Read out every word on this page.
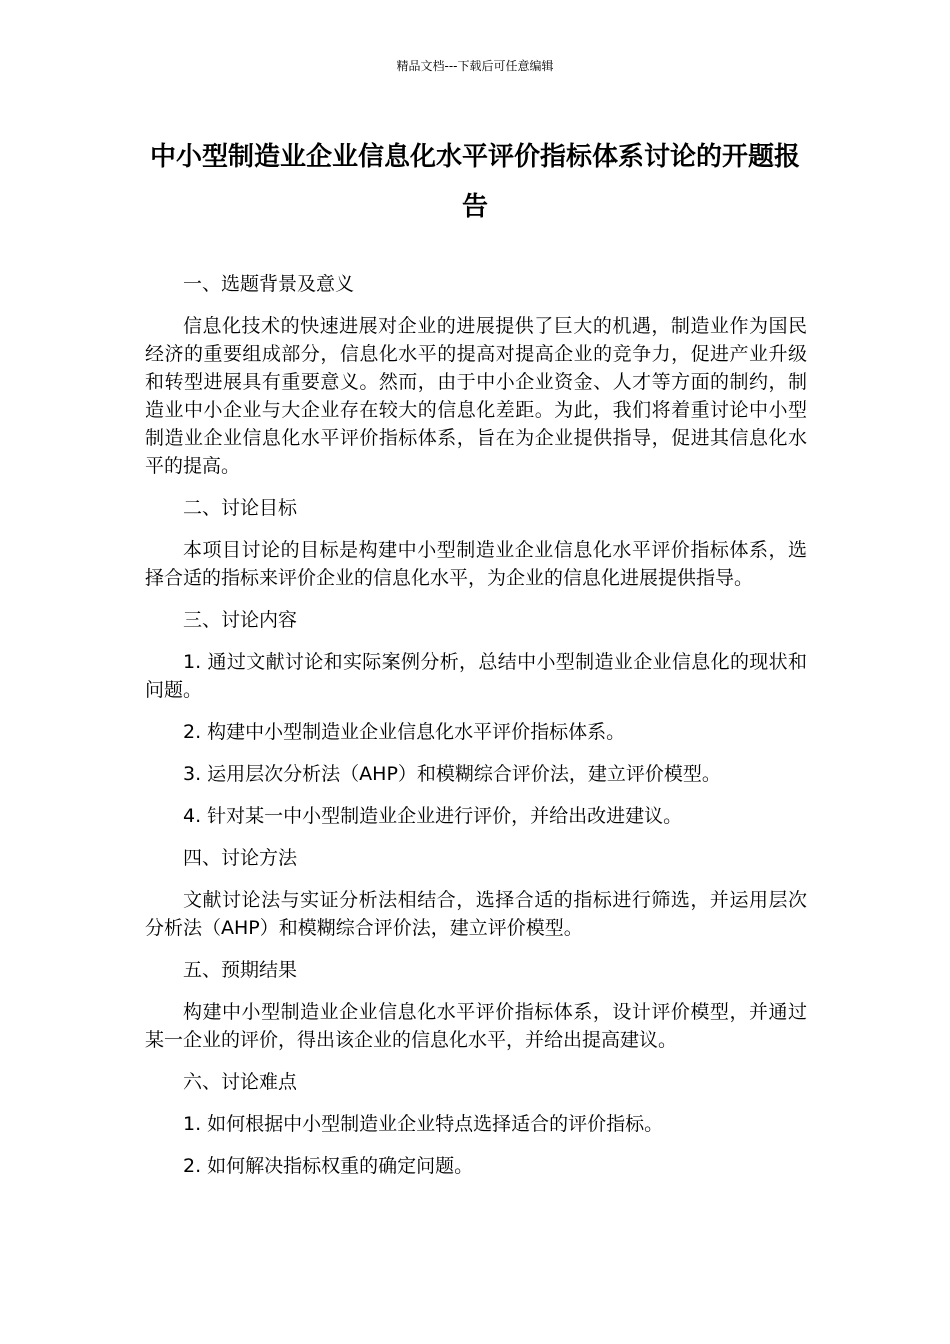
精品文档---下载后可任意编辑
中小型制造业企业信息化水平评价指标体系讨论的开题报告

一、选题背景及意义

信息化技术的快速进展对企业的进展提供了巨大的机遇，制造业作为国民经济的重要组成部分，信息化水平的提高对提高企业的竞争力，促进产业升级和转型进展具有重要意义。然而，由于中小企业资金、人才等方面的制约，制造业中小企业与大企业存在较大的信息化差距。为此，我们将着重讨论中小型制造业企业信息化水平评价指标体系，旨在为企业提供指导，促进其信息化水平的提高。

二、讨论目标

本项目讨论的目标是构建中小型制造业企业信息化水平评价指标体系，选择合适的指标来评价企业的信息化水平，为企业的信息化进展提供指导。

三、讨论内容

1. 通过文献讨论和实际案例分析，总结中小型制造业企业信息化的现状和问题。

2. 构建中小型制造业企业信息化水平评价指标体系。

3. 运用层次分析法（AHP）和模糊综合评价法，建立评价模型。

4. 针对某一中小型制造业企业进行评价，并给出改进建议。

四、讨论方法

文献讨论法与实证分析法相结合，选择合适的指标进行筛选，并运用层次分析法（AHP）和模糊综合评价法，建立评价模型。

五、预期结果

构建中小型制造业企业信息化水平评价指标体系，设计评价模型，并通过某一企业的评价，得出该企业的信息化水平，并给出提高建议。

六、讨论难点

1. 如何根据中小型制造业企业特点选择适合的评价指标。

2. 如何解决指标权重的确定问题。
